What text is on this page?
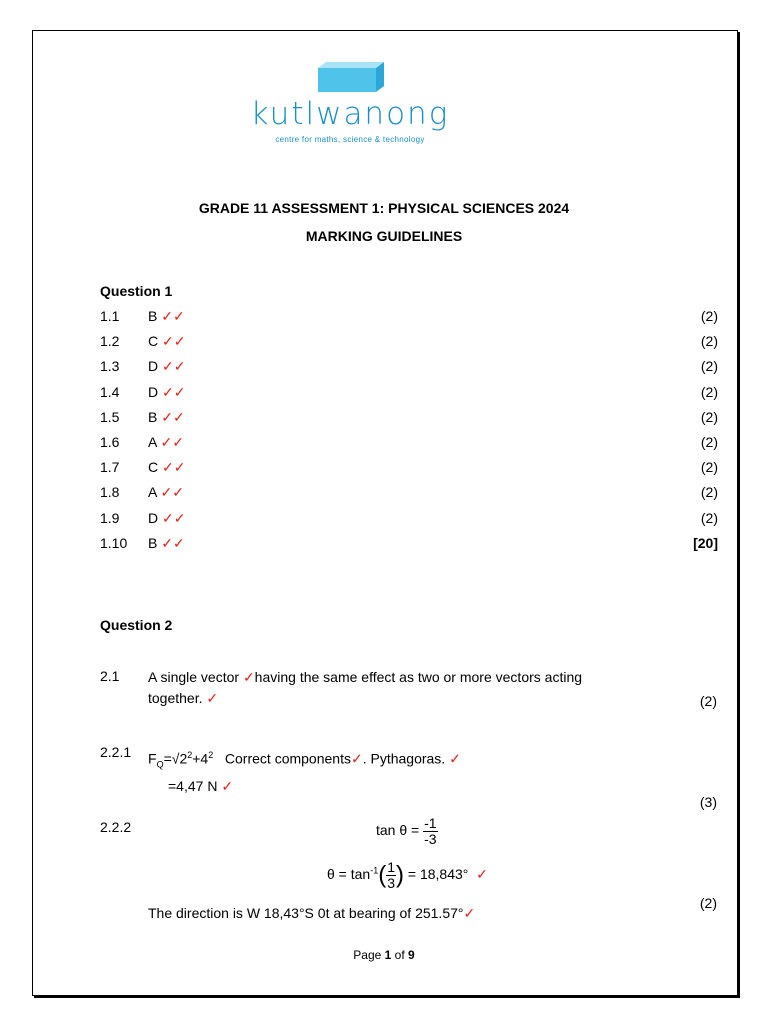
kutlwanong
centre for maths, science & technology
GRADE 11 ASSESSMENT 1: PHYSICAL SCIENCES 2024
MARKING GUIDELINES
Question 1
1.1 B ✓✓	(2)
1.2 C ✓✓	(2)
1.3 D ✓✓	(2)
1.4 D ✓✓	(2)
1.5 B ✓✓	(2)
1.6 A ✓✓	(2)
1.7 C ✓✓	(2)
1.8 A ✓✓	(2)
1.9 D ✓✓	(2)
1.10 B ✓✓	[20]
Question 2
2.1 A single vector ✓having the same effect as two or more vectors acting
together. ✓	(2)
2.2.1 $F_Q=√2^2+4^2$ Correct components✓. Pythagoras. ✓
=4,47 N ✓
(3)
2.2.2	$\tan \theta = \frac{-1}{-3}$
$\theta = \tan^{-1}( \frac{1}{3}$ ) = 18,843°  ✓
(2)
The direction is W 18,43°S 0t at bearing of 251.57°✓
Page 1 of 9
